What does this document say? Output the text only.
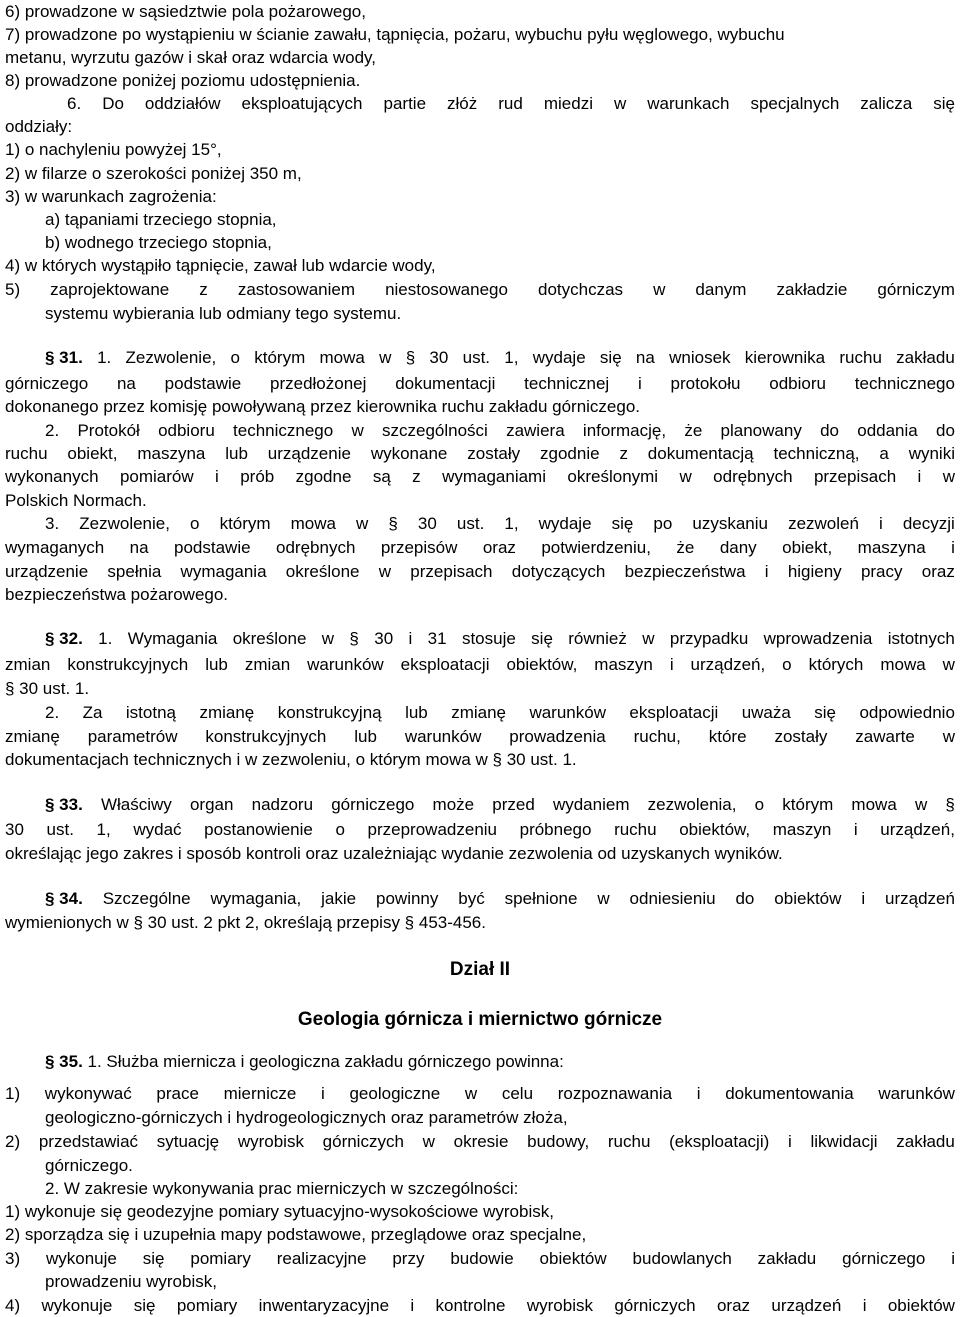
6) prowadzone w sąsiedztwie pola pożarowego,
7) prowadzone po wystąpieniu w ścianie zawału, tąpnięcia, pożaru, wybuchu pyłu węglowego, wybuchu
metanu, wyrzutu gazów i skał oraz wdarcia wody,
8) prowadzone poniżej poziomu udostępnienia.
6. Do oddziałów eksploatujących partie złóż rud miedzi w warunkach specjalnych zalicza się
oddziały:
1) o nachyleniu powyżej 15°,
2) w filarze o szerokości poniżej 350 m,
3) w warunkach zagrożenia:
a) tąpaniami trzeciego stopnia,
b) wodnego trzeciego stopnia,
4) w których wystąpiło tąpnięcie, zawał lub wdarcie wody,
5) zaprojektowane z zastosowaniem niestosowanego dotychczas w danym zakładzie górniczym
systemu wybierania lub odmiany tego systemu.
§ 31. 1. Zezwolenie, o którym mowa w § 30 ust. 1, wydaje się na wniosek kierownika ruchu zakładu
górniczego na podstawie przedłożonej dokumentacji technicznej i protokołu odbioru technicznego
dokonanego przez komisję powoływaną przez kierownika ruchu zakładu górniczego.
2. Protokół odbioru technicznego w szczególności zawiera informację, że planowany do oddania do
ruchu obiekt, maszyna lub urządzenie wykonane zostały zgodnie z dokumentacją techniczną, a wyniki
wykonanych pomiarów i prób zgodne są z wymaganiami określonymi w odrębnych przepisach i w
Polskich Normach.
3. Zezwolenie, o którym mowa w § 30 ust. 1, wydaje się po uzyskaniu zezwoleń i decyzji
wymaganych na podstawie odrębnych przepisów oraz potwierdzeniu, że dany obiekt, maszyna i
urządzenie spełnia wymagania określone w przepisach dotyczących bezpieczeństwa i higieny pracy oraz
bezpieczeństwa pożarowego.
§ 32. 1. Wymagania określone w § 30 i 31 stosuje się również w przypadku wprowadzenia istotnych
zmian konstrukcyjnych lub zmian warunków eksploatacji obiektów, maszyn i urządzeń, o których mowa w
§ 30 ust. 1.
2. Za istotną zmianę konstrukcyjną lub zmianę warunków eksploatacji uważa się odpowiednio
zmianę parametrów konstrukcyjnych lub warunków prowadzenia ruchu, które zostały zawarte w
dokumentacjach technicznych i w zezwoleniu, o którym mowa w § 30 ust. 1.
§ 33. Właściwy organ nadzoru górniczego może przed wydaniem zezwolenia, o którym mowa w §
30 ust. 1, wydać postanowienie o przeprowadzeniu próbnego ruchu obiektów, maszyn i urządzeń,
określając jego zakres i sposób kontroli oraz uzależniając wydanie zezwolenia od uzyskanych wyników.
§ 34. Szczególne wymagania, jakie powinny być spełnione w odniesieniu do obiektów i urządzeń
wymienionych w § 30 ust. 2 pkt 2, określają przepisy § 453-456.
§ 35. 1. Służba miernicza i geologiczna zakładu górniczego powinna:
1) wykonywać prace miernicze i geologiczne w celu rozpoznawania i dokumentowania warunków
geologiczno-górniczych i hydrogeologicznych oraz parametrów złoża,
2) przedstawiać sytuację wyrobisk górniczych w okresie budowy, ruchu (eksploatacji) i likwidacji zakładu
górniczego.
2. W zakresie wykonywania prac mierniczych w szczególności:
1) wykonuje się geodezyjne pomiary sytuacyjno-wysokościowe wyrobisk,
2) sporządza się i uzupełnia mapy podstawowe, przeglądowe oraz specjalne,
3) wykonuje się pomiary realizacyjne przy budowie obiektów budowlanych zakładu górniczego i
prowadzeniu wyrobisk,
4) wykonuje się pomiary inwentaryzacyjne i kontrolne wyrobisk górniczych oraz urządzeń i obiektów
Dział II
Geologia górnicza i miernictwo górnicze
